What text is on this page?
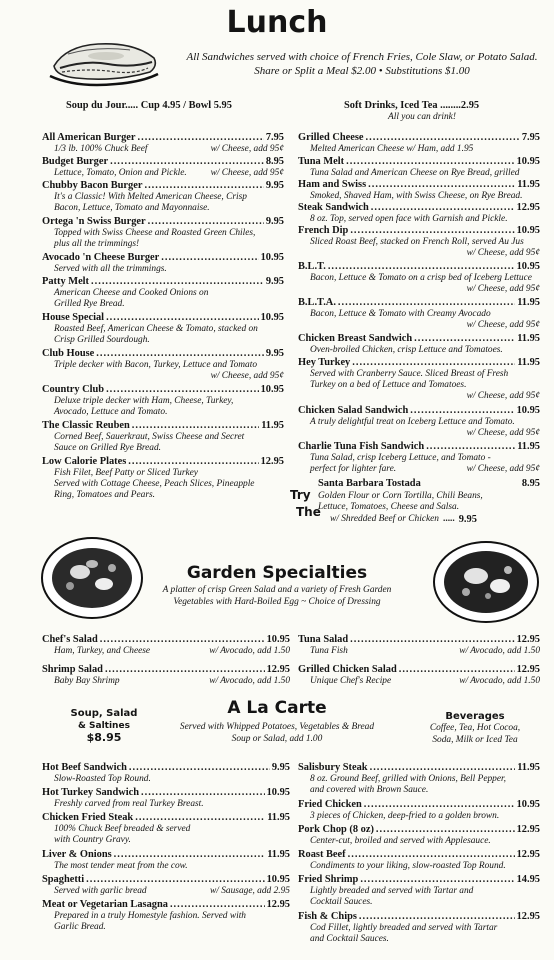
Lunch
All Sandwiches served with choice of French Fries, Cole Slaw, or Potato Salad.
Share or Split a Meal $2.00 • Substitutions $1.00
Soup du Jour..... Cup 4.95 / Bowl 5.95	Soft Drinks, Iced Tea ........2.95
All you can drink!
All American Burger .....	7.95
1/3 lb. 100% Chuck Beef	w/ Cheese, add 95¢
Budget Burger .....	8.95
Lettuce, Tomato, Onion and Pickle.	w/ Cheese, add 95¢
Chubby Bacon Burger .....	9.95
It's a Classic! With Melted American Cheese, Crisp
Bacon, Lettuce, Tomato and Mayonnaise.
Ortega 'n Swiss Burger .....	9.95
Topped with Swiss Cheese and Roasted Green Chiles,
plus all the trimmings!
Avocado 'n Cheese Burger .....	10.95
Served with all the trimmings.
Patty Melt .....	9.95
American Cheese and Cooked Onions on
Grilled Rye Bread.
House Special .....	10.95
Roasted Beef, American Cheese & Tomato, stacked on
Crisp Grilled Sourdough.
Club House .....	9.95
Triple decker with Bacon, Turkey, Lettuce and Tomato
w/ Cheese, add 95¢
Country Club .....	10.95
Deluxe triple decker with Ham, Cheese, Turkey,
Avocado, Lettuce and Tomato.
The Classic Reuben .....	11.95
Corned Beef, Sauerkraut, Swiss Cheese and Secret
Sauce on Grilled Rye Bread.
Low Calorie Plates .....	12.95
Fish Filet, Beef Patty or Sliced Turkey
Served with Cottage Cheese, Peach Slices, Pineapple
Ring, Tomatoes and Pears.
Grilled Cheese .....	7.95
Melted American Cheese w/ Ham, add 1.95
Tuna Melt .....	10.95
Tuna Salad and American Cheese on Rye Bread, grilled
Ham and Swiss .....	11.95
Smoked, Shaved Ham, with Swiss Cheese, on Rye Bread.
Steak Sandwich .....	12.95
8 oz. Top, served open face with Garnish and Pickle.
French Dip .....	10.95
Sliced Roast Beef, stacked on French Roll, served Au Jus
w/ Cheese, add 95¢
B.L.T. .....	10.95
Bacon, Lettuce & Tomato on a crisp bed of Iceberg Lettuce
w/ Cheese, add 95¢
B.L.T.A. .....	11.95
Bacon, Lettuce & Tomato with Creamy Avocado
w/ Cheese, add 95¢
Chicken Breast Sandwich .....	11.95
Oven-broiled Chicken, crisp Lettuce and Tomatoes.
Hey Turkey .....	11.95
Served with Cranberry Sauce. Sliced Breast of Fresh
Turkey on a bed of Lettuce and Tomatoes.
w/ Cheese, add 95¢
Chicken Salad Sandwich .....	10.95
A truly delightful treat on Iceberg Lettuce and Tomato.
w/ Cheese, add 95¢
Charlie Tuna Fish Sandwich .....	11.95
Tuna Salad, crisp Iceberg Lettuce, and Tomato -
perfect for lighter fare.	w/ Cheese, add 95¢
Santa Barbara Tostada	8.95
Golden Flour or Corn Tortilla, Chili Beans,
Lettuce, Tomatoes, Cheese and Salsa.
w/ Shredded Beef or Chicken ..... 9.95
Try
The
Garden Specialties
A platter of crisp Green Salad and a variety of Fresh Garden
Vegetables with Hard-Boiled Egg ~ Choice of Dressing
Chef's Salad .....	10.95
Ham, Turkey, and Cheese	w/ Avocado, add 1.50
Shrimp Salad .....	12.95
Baby Bay Shrimp	w/ Avocado, add 1.50
Tuna Salad .....	12.95
Tuna Fish	w/ Avocado, add 1.50
Grilled Chicken Salad .....	12.95
Unique Chef's Recipe	w/ Avocado, add 1.50
Soup, Salad
& Saltines
$8.95
A La Carte
Served with Whipped Potatoes, Vegetables & Bread
Soup or Salad, add 1.00
Beverages
Coffee, Tea, Hot Cocoa,
Soda, Milk or Iced Tea
Hot Beef Sandwich .....	9.95
Slow-Roasted Top Round.
Hot Turkey Sandwich .....	10.95
Freshly carved from real Turkey Breast.
Chicken Fried Steak .....	11.95
100% Chuck Beef breaded & served
with Country Gravy.
Liver & Onions .....	11.95
The most tender meat from the cow.
Spaghetti .....	10.95
Served with garlic bread	w/ Sausage, add 2.95
Meat or Vegetarian Lasagna .....	12.95
Prepared in a truly Homestyle fashion. Served with
Garlic Bread.
Salisbury Steak .....	11.95
8 oz. Ground Beef, grilled with Onions, Bell Pepper,
and covered with Brown Sauce.
Fried Chicken .....	10.95
3 pieces of Chicken, deep-fried to a golden brown.
Pork Chop (8 oz) .....	12.95
Center-cut, broiled and served with Applesauce.
Roast Beef .....	12.95
Condiments to your liking, slow-roasted Top Round.
Fried Shrimp .....	14.95
Lightly breaded and served with Tartar and
Cocktail Sauces.
Fish & Chips .....	12.95
Cod Fillet, lightly breaded and served with Tartar
and Cocktail Sauces.
